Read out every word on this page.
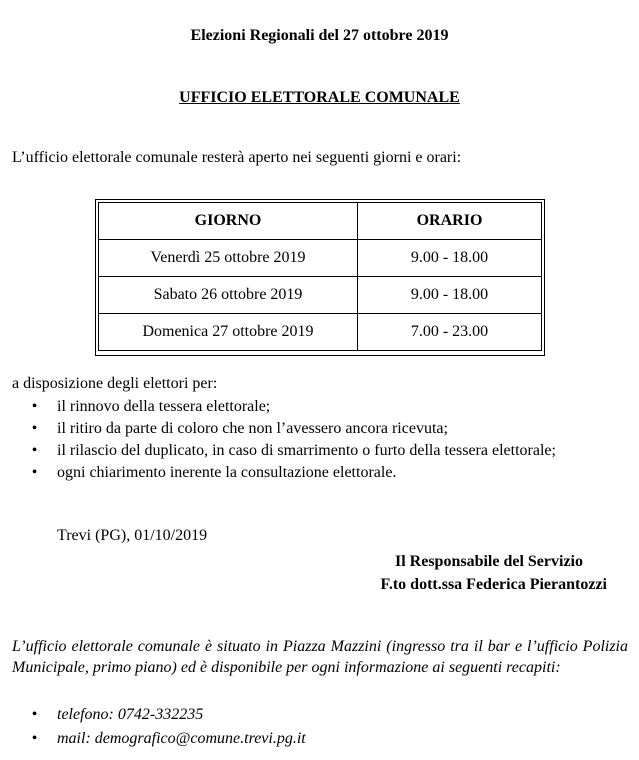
Elezioni Regionali del 27 ottobre 2019
UFFICIO ELETTORALE COMUNALE
L’ufficio elettorale comunale resterà aperto nei seguenti giorni e orari:
GIORNO	ORARIO
Venerdì 25 ottobre 2019	9.00 - 18.00
Sabato 26 ottobre 2019	9.00 - 18.00
Domenica 27 ottobre 2019	7.00 - 23.00
a disposizione degli elettori per:
• il rinnovo della tessera elettorale;
• il ritiro da parte di coloro che non l’avessero ancora ricevuta;
• il rilascio del duplicato, in caso di smarrimento o furto della tessera elettorale;
• ogni chiarimento inerente la consultazione elettorale.
Trevi (PG), 01/10/2019
Il Responsabile del Servizio
F.to dott.ssa Federica Pierantozzi
L’ufficio elettorale comunale è situato in Piazza Mazzini (ingresso tra il bar e l’ufficio Polizia Municipale, primo piano) ed è disponibile per ogni informazione ai seguenti recapiti:
• telefono: 0742-332235
• mail: demografico@comune.trevi.pg.it
